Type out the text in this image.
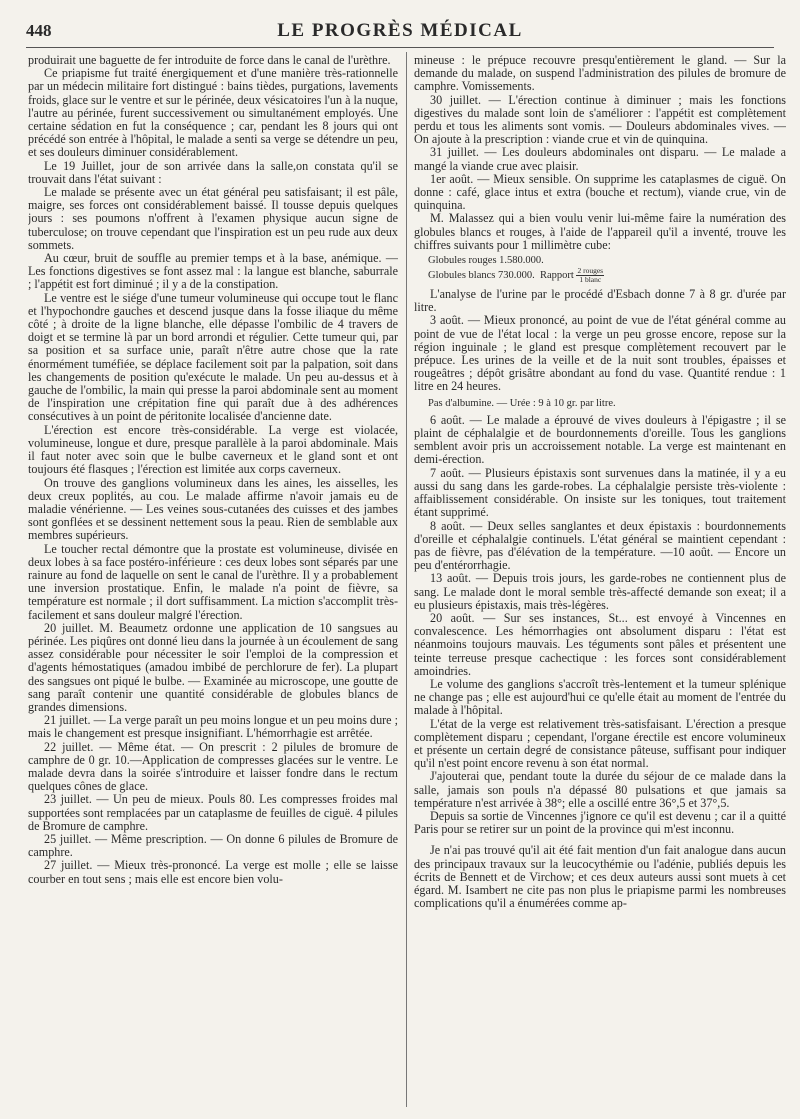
448	LE PROGRÈS MÉDICAL

produirait une baguette de fer introduite de force dans le canal de l'urèthre.

Ce priapisme fut traité énergiquement et d'une manière très-rationnelle par un médecin militaire fort distingué : bains tièdes, purgations, lavements froids, glace sur le ventre et sur le périnée, deux vésicatoires l'un à la nuque, l'autre au périnée, furent successivement ou simultanément employés. Une certaine sédation en fut la conséquence ; car, pendant les 8 jours qui ont précédé son entrée à l'hôpital, le malade a senti sa verge se détendre un peu, et ses douleurs diminuer considérablement.

Le 19 Juillet, jour de son arrivée dans la salle,on constata qu'il se trouvait dans l'état suivant :

Le malade se présente avec un état général peu satisfaisant; il est pâle, maigre, ses forces ont considérablement baissé. Il tousse depuis quelques jours : ses poumons n'offrent à l'examen physique aucun signe de tuberculose; on trouve cependant que l'inspiration est un peu rude aux deux sommets.

Au cœur, bruit de souffle au premier temps et à la base, anémique. — Les fonctions digestives se font assez mal : la langue est blanche, saburrale ; l'appétit est fort diminué ; il y a de la constipation.

Le ventre est le siége d'une tumeur volumineuse qui occupe tout le flanc et l'hypochondre gauches et descend jusque dans la fosse iliaque du même côté ; à droite de la ligne blanche, elle dépasse l'ombilic de 4 travers de doigt et se termine là par un bord arrondi et régulier. Cette tumeur qui, par sa position et sa surface unie, paraît n'être autre chose que la rate énormément tuméfiée, se déplace facilement soit par la palpation, soit dans les changements de position qu'exécute le malade. Un peu au-dessus et à gauche de l'ombilic, la main qui presse la paroi abdominale sent au moment de l'inspiration une crépitation fine qui paraît due à des adhérences consécutives à un point de péritonite localisée d'ancienne date.

L'érection est encore très-considérable. La verge est violacée, volumineuse, longue et dure, presque parallèle à la paroi abdominale. Mais il faut noter avec soin que le bulbe caverneux et le gland sont et ont toujours été flasques ; l'érection est limitée aux corps caverneux.

On trouve des ganglions volumineux dans les aines, les aisselles, les deux creux poplités, au cou. Le malade affirme n'avoir jamais eu de maladie vénérienne. — Les veines sous-cutanées des cuisses et des jambes sont gonflées et se dessinent nettement sous la peau. Rien de semblable aux membres supérieurs.

Le toucher rectal démontre que la prostate est volumineuse, divisée en deux lobes à sa face postéro-inférieure : ces deux lobes sont séparés par une rainure au fond de laquelle on sent le canal de l'urèthre. Il y a probablement une inversion prostatique. Enfin, le malade n'a point de fièvre, sa température est normale ; il dort suffisamment. La miction s'accomplit très-facilement et sans douleur malgré l'érection.

20 juillet. M. Beaumetz ordonne une application de 10 sangsues au périnée. Les piqûres ont donné lieu dans la journée à un écoulement de sang assez considérable pour nécessiter le soir l'emploi de la compression et d'agents hémostatiques (amadou imbibé de perchlorure de fer). La plupart des sangsues ont piqué le bulbe. — Examinée au microscope, une goutte de sang paraît contenir une quantité considérable de globules blancs de grandes dimensions.

21 juillet. — La verge paraît un peu moins longue et un peu moins dure ; mais le changement est presque insignifiant. L'hémorrhagie est arrêtée.

22 juillet. — Même état. — On prescrit : 2 pilules de bromure de camphre de 0 gr. 10.—Application de compresses glacées sur le ventre. Le malade devra dans la soirée s'introduire et laisser fondre dans le rectum quelques cônes de glace.

23 juillet. — Un peu de mieux. Pouls 80. Les compresses froides mal supportées sont remplacées par un cataplasme de feuilles de ciguë. 4 pilules de Bromure de camphre.

25 juillet. — Même prescription. — On donne 6 pilules de Bromure de camphre.

27 juillet. — Mieux très-prononcé. La verge est molle ; elle se laisse courber en tout sens ; mais elle est encore bien volu-

mineuse : le prépuce recouvre presqu'entièrement le gland. — Sur la demande du malade, on suspend l'administration des pilules de bromure de camphre. Vomissements.

30 juillet. — L'érection continue à diminuer ; mais les fonctions digestives du malade sont loin de s'améliorer : l'appétit est complètement perdu et tous les aliments sont vomis. — Douleurs abdominales vives. — On ajoute à la prescription : viande crue et vin de quinquina.

31 juillet. — Les douleurs abdominales ont disparu. — Le malade a mangé la viande crue avec plaisir.

1er août. — Mieux sensible. On supprime les cataplasmes de ciguë. On donne : café, glace intus et extra (bouche et rectum), viande crue, vin de quinquina.

M. Malassez qui a bien voulu venir lui-même faire la numération des globules blancs et rouges, à l'aide de l'appareil qu'il a inventé, trouve les chiffres suivants pour 1 millimètre cube:

Globules rouges 1.580.000.
Globules blancs 730.000. Rapport $\frac{\text{2 rouges}}{\text{1 blanc}}$

L'analyse de l'urine par le procédé d'Esbach donne 7 à 8 gr. d'urée par litre.

3 août. — Mieux prononcé, au point de vue de l'état général comme au point de vue de l'état local : la verge un peu grosse encore, repose sur la région inguinale ; le gland est presque complètement recouvert par le prépuce. Les urines de la veille et de la nuit sont troubles, épaisses et rougeâtres ; dépôt grisâtre abondant au fond du vase. Quantité rendue : 1 litre en 24 heures.

Pas d'albumine. — Urée : 9 à 10 gr. par litre.

6 août. — Le malade a éprouvé de vives douleurs à l'épigastre ; il se plaint de céphalalgie et de bourdonnements d'oreille. Tous les ganglions semblent avoir pris un accroissement notable. La verge est maintenant en demi-érection.

7 août. — Plusieurs épistaxis sont survenues dans la matinée, il y a eu aussi du sang dans les garde-robes. La céphalalgie persiste très-violente : affaiblissement considérable. On insiste sur les toniques, tout traitement étant supprimé.

8 août. — Deux selles sanglantes et deux épistaxis : bourdonnements d'oreille et céphalalgie continuels. L'état général se maintient cependant : pas de fièvre, pas d'élévation de la température. —10 août. — Encore un peu d'entérorrhagie.

13 août. — Depuis trois jours, les garde-robes ne contiennent plus de sang. Le malade dont le moral semble très-affecté demande son exeat; il a eu plusieurs épistaxis, mais très-légères.

20 août. — Sur ses instances, St... est envoyé à Vincennes en convalescence. Les hémorrhagies ont absolument disparu : l'état est néanmoins toujours mauvais. Les téguments sont pâles et présentent une teinte terreuse presque cachectique : les forces sont considérablement amoindries.

Le volume des ganglions s'accroît très-lentement et la tumeur splénique ne change pas ; elle est aujourd'hui ce qu'elle était au moment de l'entrée du malade à l'hôpital.

L'état de la verge est relativement très-satisfaisant. L'érection a presque complètement disparu ; cependant, l'organe érectile est encore volumineux et présente un certain degré de consistance pâteuse, suffisant pour indiquer qu'il n'est point encore revenu à son état normal.

J'ajouterai que, pendant toute la durée du séjour de ce malade dans la salle, jamais son pouls n'a dépassé 80 pulsations et que jamais sa température n'est arrivée à 38°; elle a oscillé entre 36°,5 et 37°,5.

Depuis sa sortie de Vincennes j'ignore ce qu'il est devenu ; car il a quitté Paris pour se retirer sur un point de la province qui m'est inconnu.

Je n'ai pas trouvé qu'il ait été fait mention d'un fait analogue dans aucun des principaux travaux sur la leucocythémie ou l'adénie, publiés depuis les écrits de Bennett et de Virchow; et ces deux auteurs aussi sont muets à cet égard. M. Isambert ne cite pas non plus le priapisme parmi les nombreuses complications qu'il a énumérées comme ap-
